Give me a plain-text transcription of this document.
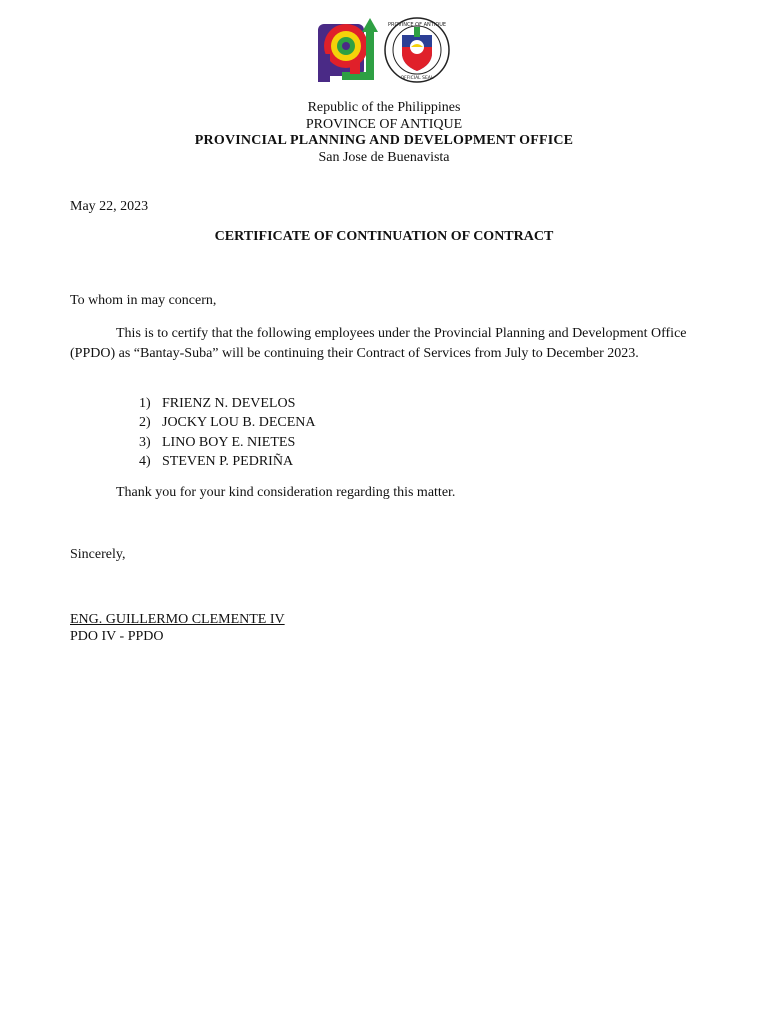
PROVINCE OF ANTIQUE
OFFICIAL SEAL
Republic of the Philippines
PROVINCE OF ANTIQUE
PROVINCIAL PLANNING AND DEVELOPMENT OFFICE
San Jose de Buenavista
May 22, 2023
CERTIFICATE OF CONTINUATION OF CONTRACT
To whom in may concern,
This is to certify that the following employees under the Provincial Planning and Development Office (PPDO) as “Bantay-Suba” will be continuing their Contract of Services from July to December 2023.
1) FRIENZ N. DEVELOS
2) JOCKY LOU B. DECENA
3) LINO BOY E. NIETES
4) STEVEN P. PEDRIÑA
Thank you for your kind consideration regarding this matter.
Sincerely,
ENG. GUILLERMO CLEMENTE IV
PDO IV - PPDO
